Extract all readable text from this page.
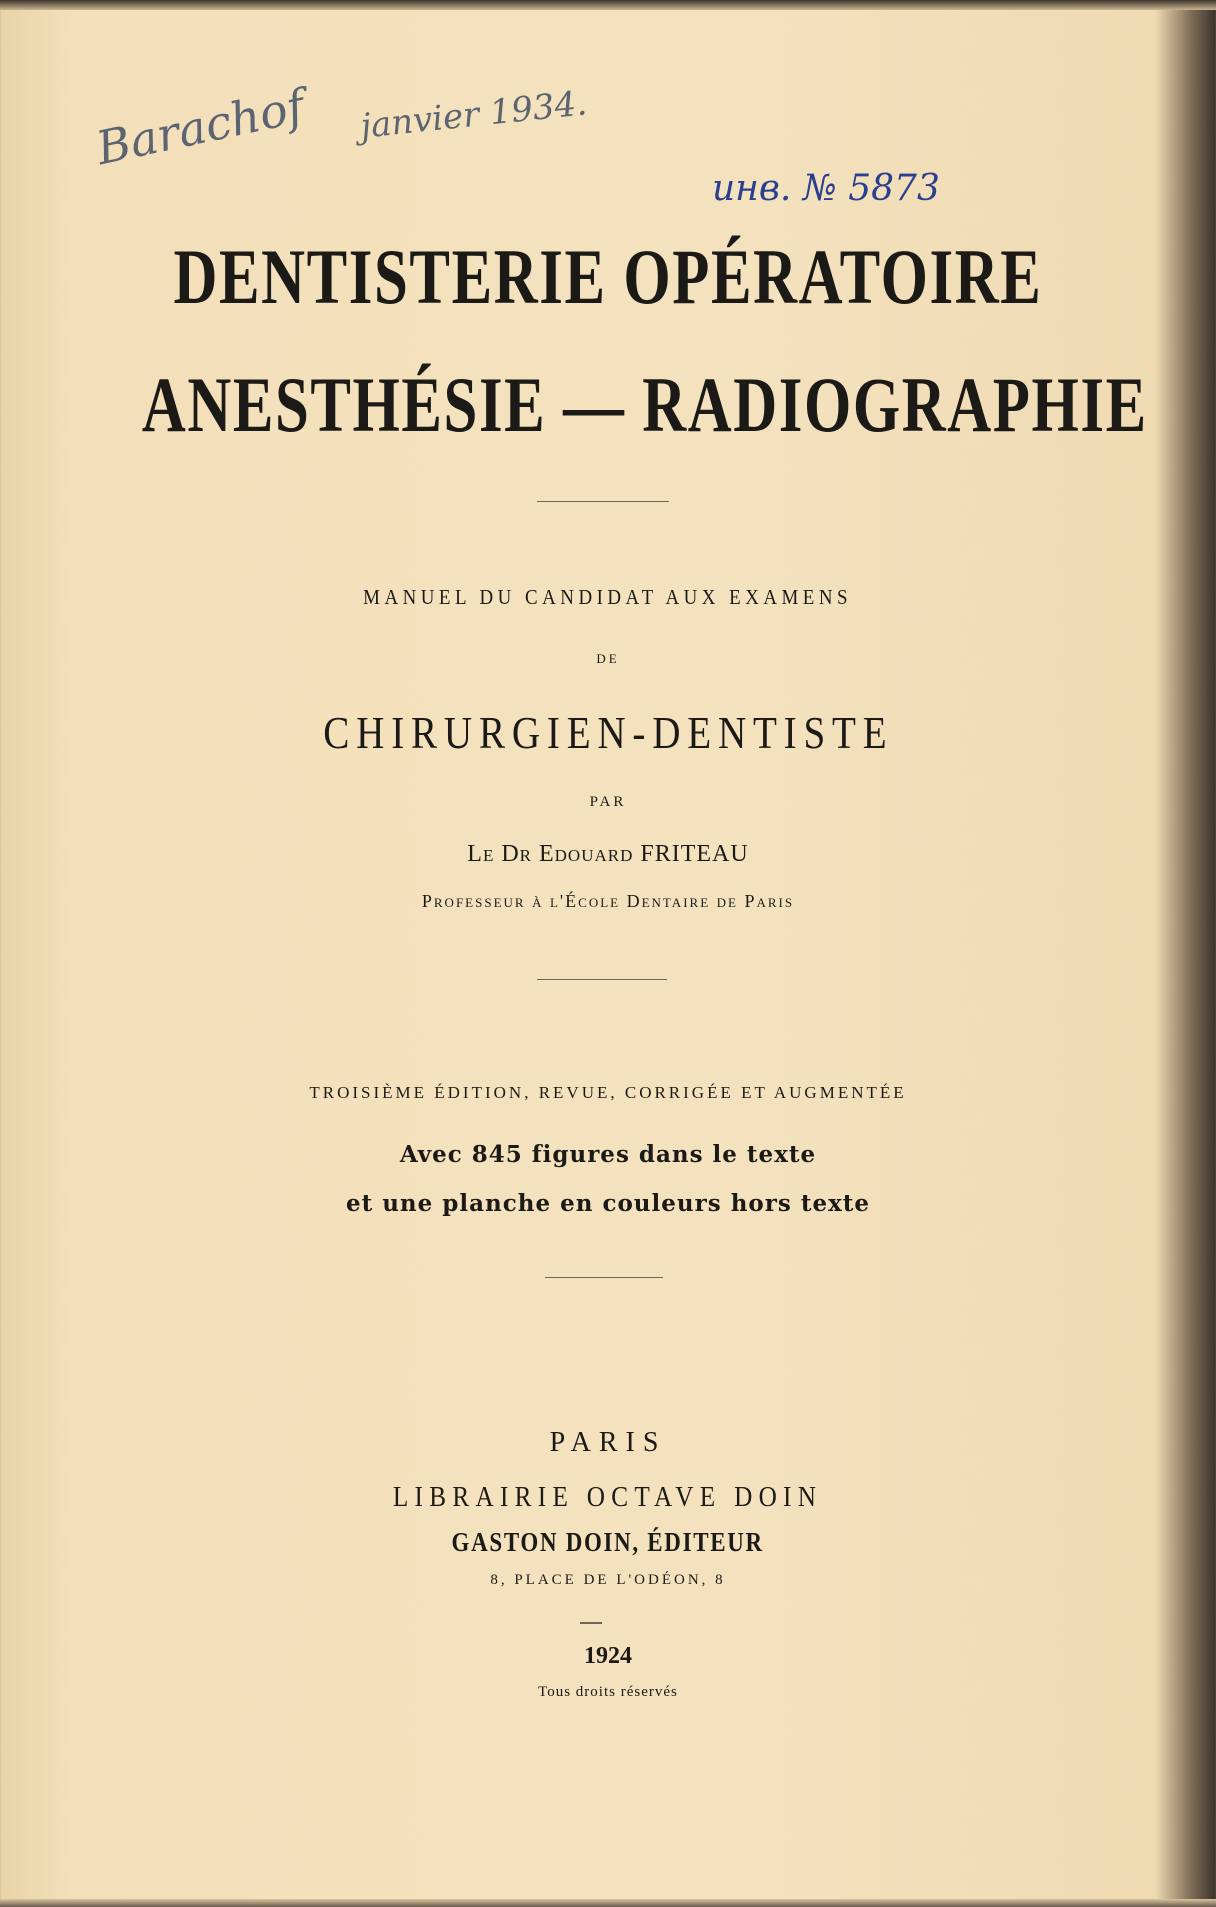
Barachof janvier 1934.
инв. № 5873
DENTISTERIE OPÉRATOIRE
ANESTHÉSIE — RADIOGRAPHIE
MANUEL DU CANDIDAT AUX EXAMENS
DE
CHIRURGIEN-DENTISTE
PAR
Le Dr Edouard FRITEAU
Professeur à l'École Dentaire de Paris
TROISIÈME ÉDITION, REVUE, CORRIGÉE ET AUGMENTÉE
Avec 845 figures dans le texte
et une planche en couleurs hors texte
PARIS
LIBRAIRIE OCTAVE DOIN
GASTON DOIN, ÉDITEUR
8, PLACE DE L'ODÉON, 8
1924
Tous droits réservés
